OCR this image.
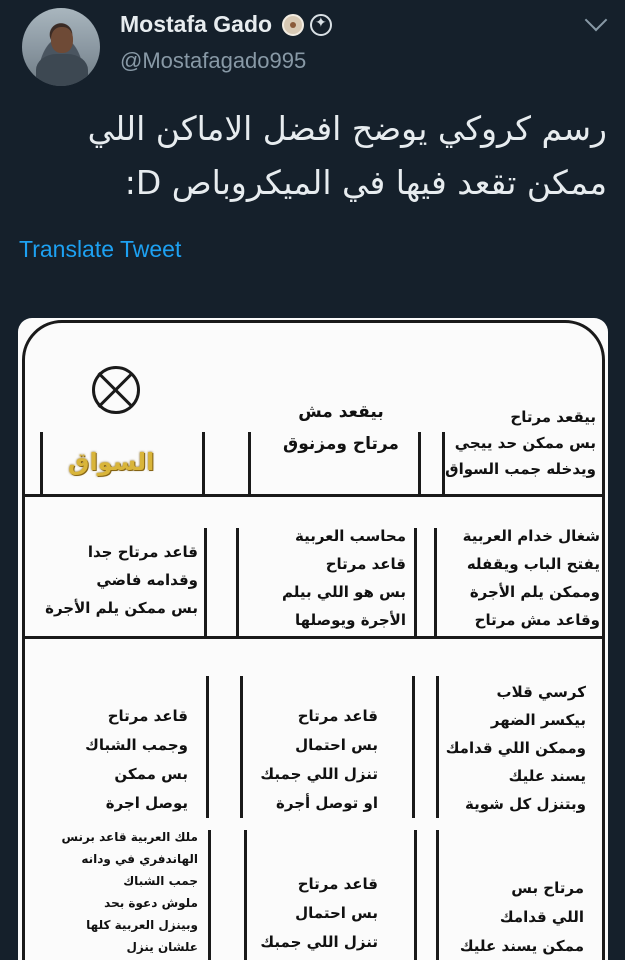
Mostafa Gado
✦
@Mostafagado995
رسم كروكي يوضح افضل الاماكن اللي
ممكن تقعد فيها في الميكروباص D:
Translate Tweet
السواق
بيقعد مش
مرتاح ومزنوق
بيقعد مرتاح
بس ممكن حد ييجي
ويدخله جمب السواق
قاعد مرتاح جدا
وقدامه فاضي
بس ممكن يلم الأجرة
محاسب العربية
قاعد مرتاح
بس هو اللي بيلم
الأجرة ويوصلها
شغال خدام العربية
يفتح الباب ويقفله
وممكن يلم الأجرة
وقاعد مش مرتاح
قاعد مرتاح
وجمب الشباك
بس ممكن
يوصل اجرة
قاعد مرتاح
بس احتمال
تنزل اللي جمبك
او توصل أجرة
كرسي قلاب
بيكسر الضهر
وممكن اللي قدامك
يسند عليك
وبتنزل كل شوية
ملك العربية قاعد برنس
الهاندفري في ودانه
جمب الشباك
ملوش دعوة بحد
وبينزل العربية كلها
علشان ينزل
قاعد مرتاح
بس احتمال
تنزل اللي جمبك
مرتاح بس
اللي قدامك
ممكن يسند عليك
